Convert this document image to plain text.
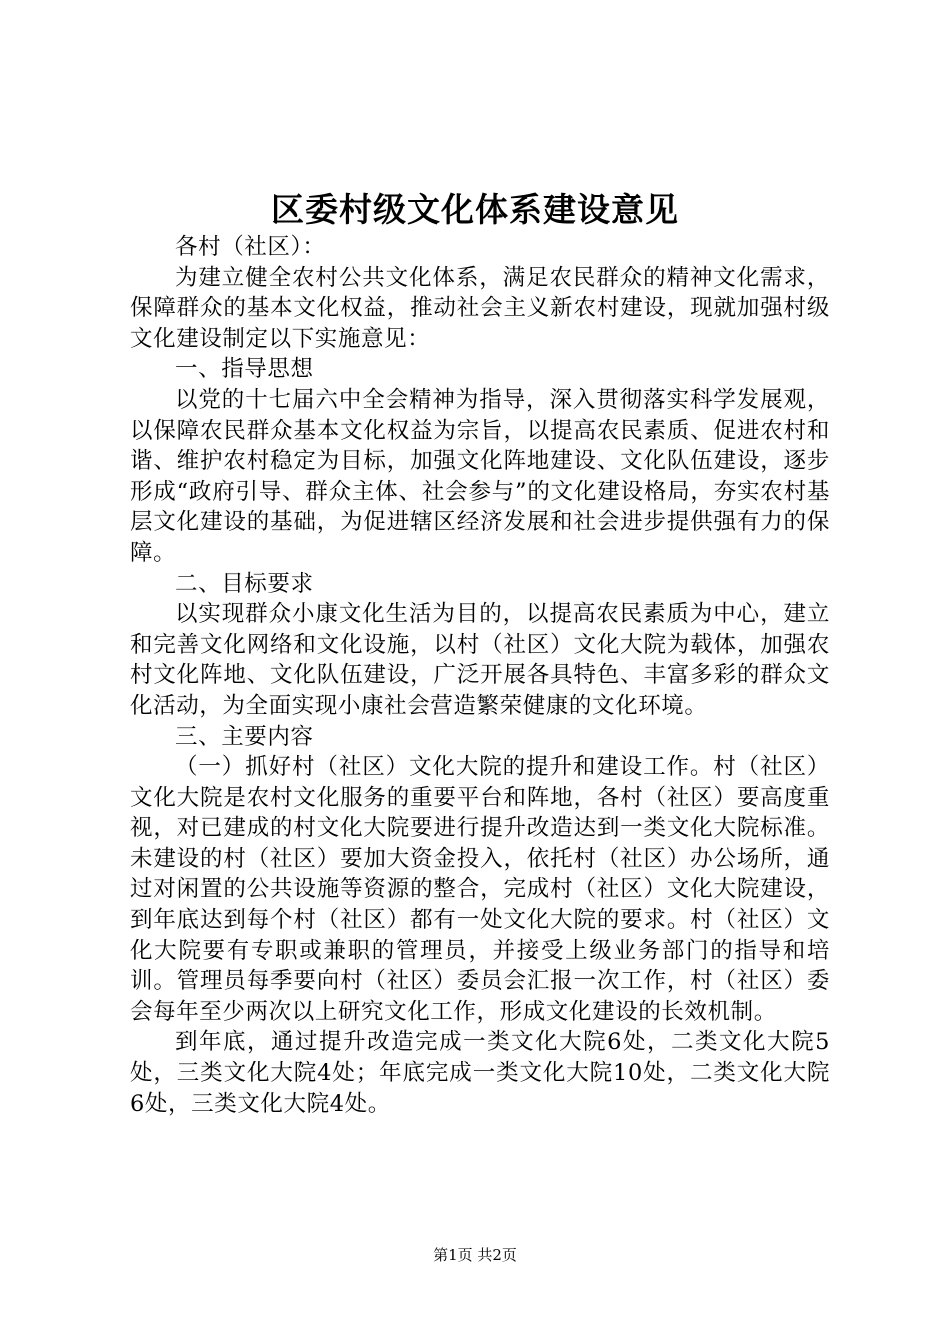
区委村级文化体系建设意见

各村（社区）：

为建立健全农村公共文化体系，满足农民群众的精神文化需求，保障群众的基本文化权益，推动社会主义新农村建设，现就加强村级文化建设制定以下实施意见：

一、指导思想

以党的十七届六中全会精神为指导，深入贯彻落实科学发展观，以保障农民群众基本文化权益为宗旨，以提高农民素质、促进农村和谐、维护农村稳定为目标，加强文化阵地建设、文化队伍建设，逐步形成“政府引导、群众主体、社会参与”的文化建设格局，夯实农村基层文化建设的基础，为促进辖区经济发展和社会进步提供强有力的保障。

二、目标要求

以实现群众小康文化生活为目的，以提高农民素质为中心，建立和完善文化网络和文化设施，以村（社区）文化大院为载体，加强农村文化阵地、文化队伍建设，广泛开展各具特色、丰富多彩的群众文化活动，为全面实现小康社会营造繁荣健康的文化环境。

三、主要内容

（一）抓好村（社区）文化大院的提升和建设工作。村（社区）文化大院是农村文化服务的重要平台和阵地，各村（社区）要高度重视，对已建成的村文化大院要进行提升改造达到一类文化大院标准。未建设的村（社区）要加大资金投入，依托村（社区）办公场所，通过对闲置的公共设施等资源的整合，完成村（社区）文化大院建设，到年底达到每个村（社区）都有一处文化大院的要求。村（社区）文化大院要有专职或兼职的管理员，并接受上级业务部门的指导和培训。管理员每季要向村（社区）委员会汇报一次工作，村（社区）委会每年至少两次以上研究文化工作，形成文化建设的长效机制。

到年底，通过提升改造完成一类文化大院6处，二类文化大院5处，三类文化大院4处；年底完成一类文化大院10处，二类文化大院6处，三类文化大院4处。

第1页 共2页
